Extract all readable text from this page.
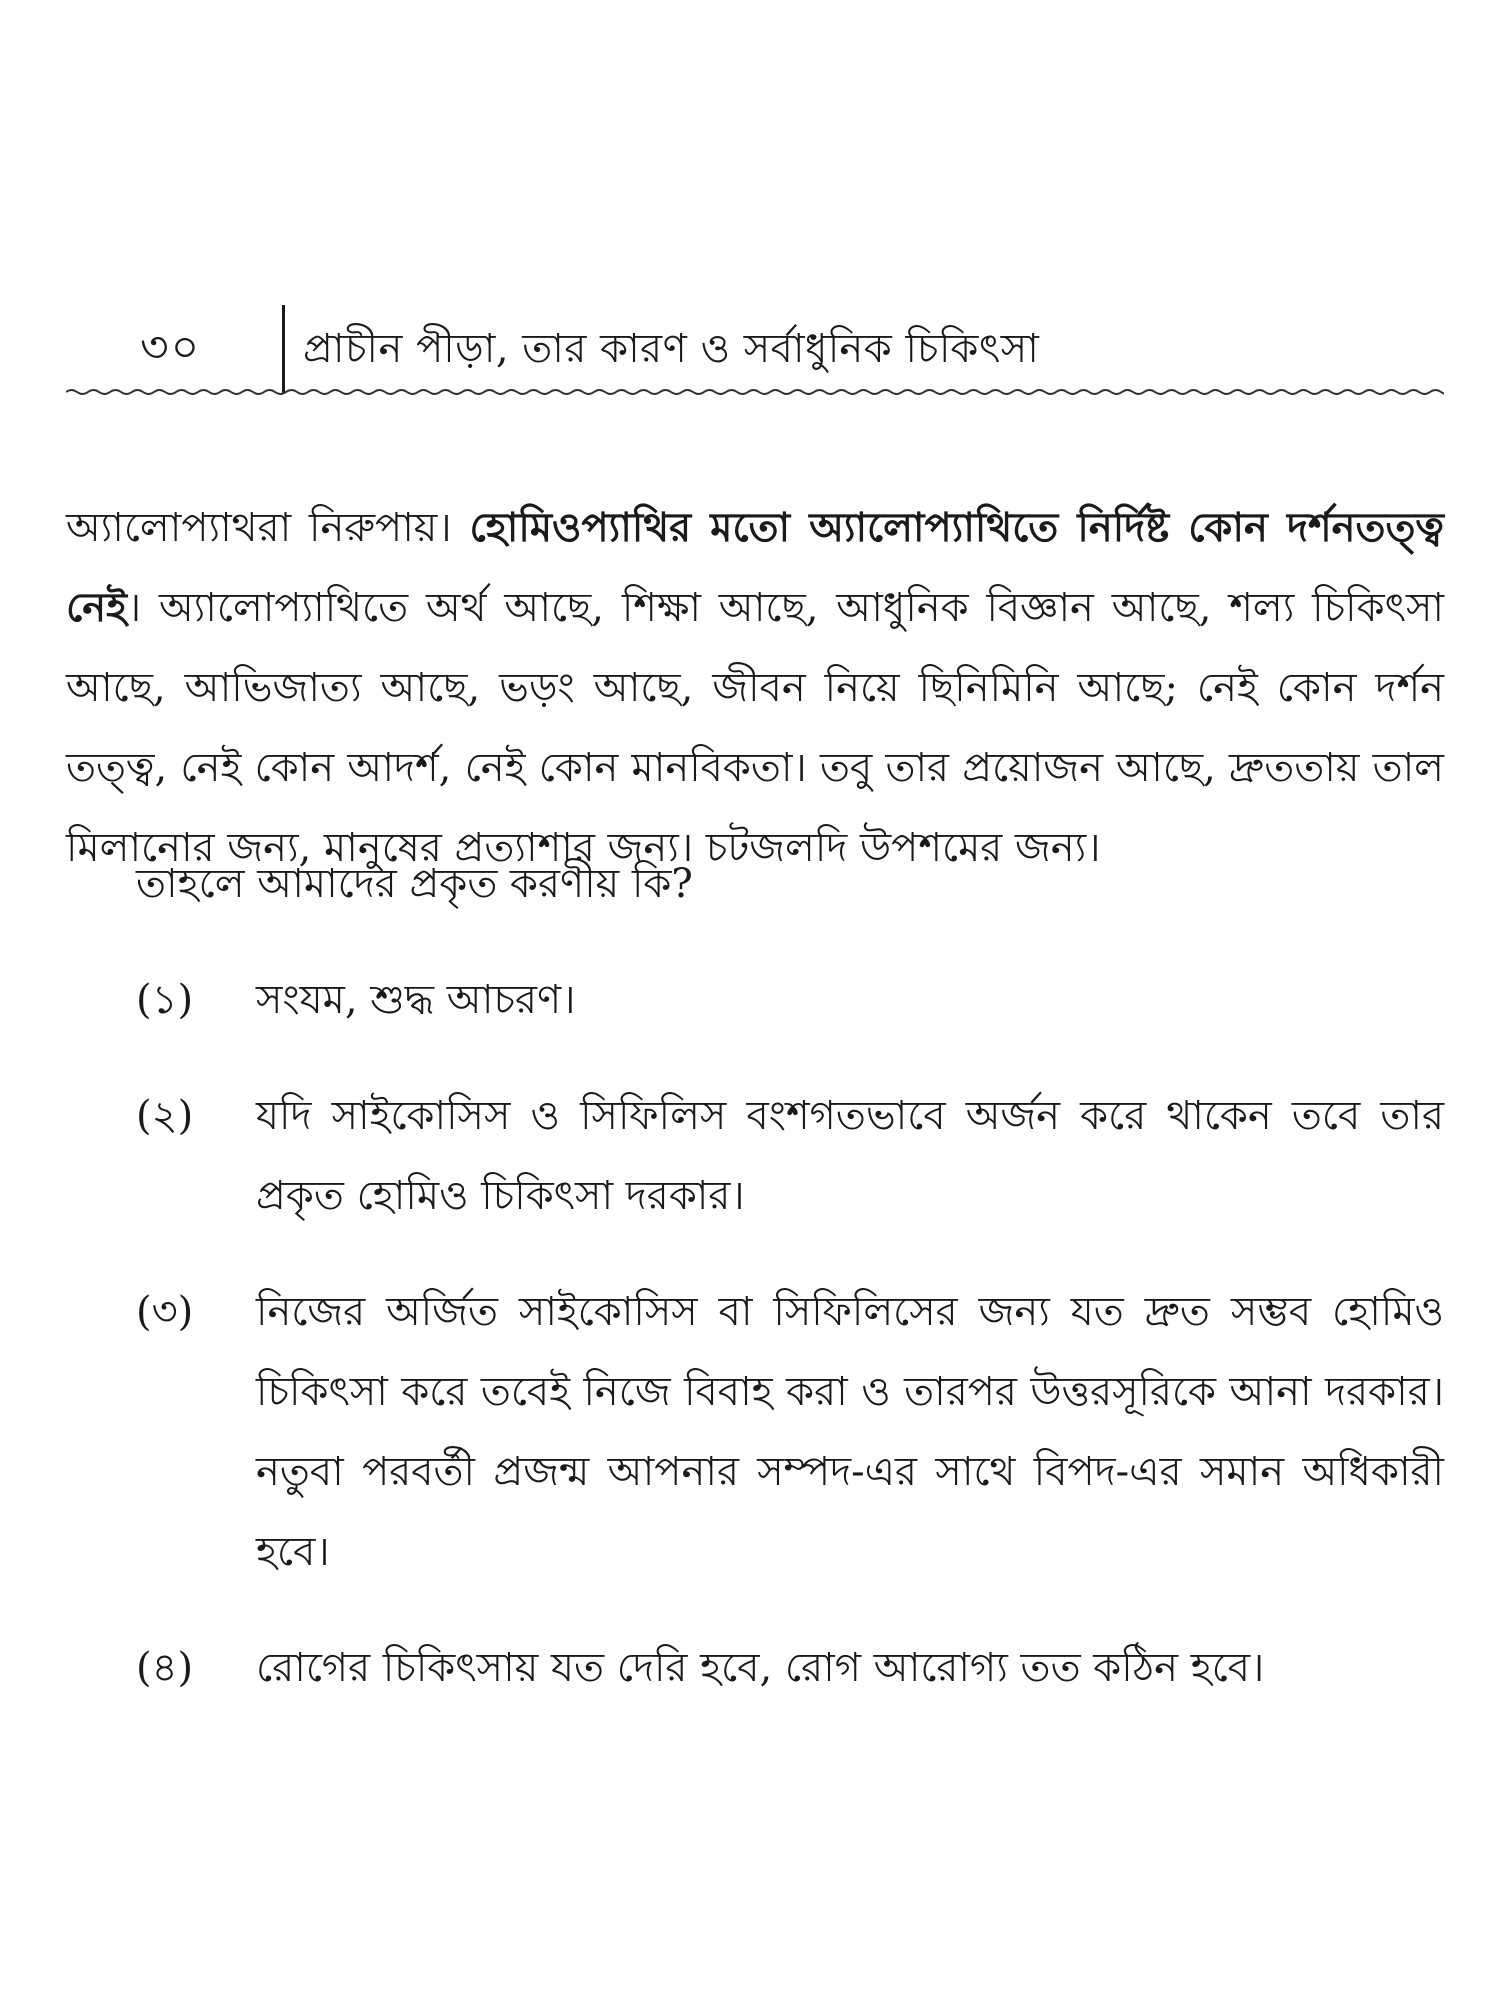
৩০	প্রাচীন পীড়া, তার কারণ ও সর্বাধুনিক চিকিৎসা

অ্যালোপ্যাথরা নিরুপায়। হোমিওপ্যাথির মতো অ্যালোপ্যাথিতে নির্দিষ্ট কোন দর্শনতত্ত্ব নেই। অ্যালোপ্যাথিতে অর্থ আছে, শিক্ষা আছে, আধুনিক বিজ্ঞান আছে, শল্য চিকিৎসা আছে, আভিজাত্য আছে, ভড়ং আছে, জীবন নিয়ে ছিনিমিনি আছে; নেই কোন দর্শন তত্ত্ব, নেই কোন আদর্শ, নেই কোন মানবিকতা। তবু তার প্রয়োজন আছে, দ্রুততায় তাল মিলানোর জন্য, মানুষের প্রত্যাশার জন্য। চটজলদি উপশমের জন্য।

তাহলে আমাদের প্রকৃত করণীয় কি?
(১)	সংযম, শুদ্ধ আচরণ।
(২)	যদি সাইকোসিস ও সিফিলিস বংশগতভাবে অর্জন করে থাকেন তবে তার প্রকৃত হোমিও চিকিৎসা দরকার।
(৩)	নিজের অর্জিত সাইকোসিস বা সিফিলিসের জন্য যত দ্রুত সম্ভব হোমিও চিকিৎসা করে তবেই নিজে বিবাহ করা ও তারপর উত্তরসূরিকে আনা দরকার। নতুবা পরবর্তী প্রজন্ম আপনার সম্পদ-এর সাথে বিপদ-এর সমান অধিকারী হবে।
(৪)	রোগের চিকিৎসায় যত দেরি হবে, রোগ আরোগ্য তত কঠিন হবে।
